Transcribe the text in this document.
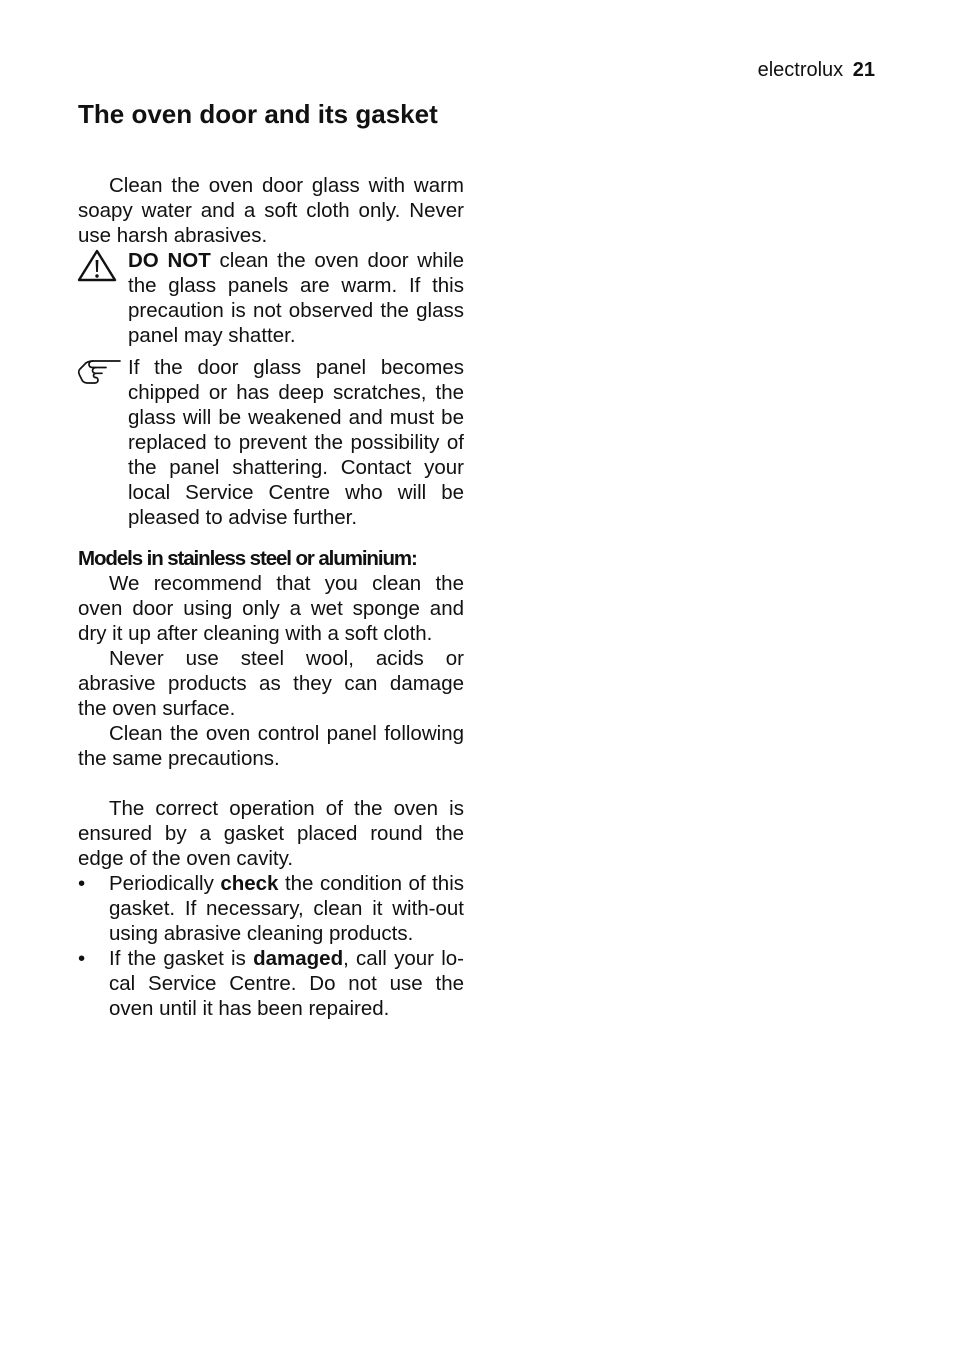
electrolux 21
The oven door and its gasket

Clean the oven door glass with warm soapy water and a soft cloth only. Never use harsh abrasives.

DO NOT clean the oven door while the glass panels are warm. If this precaution is not observed the glass panel may shatter.

If the door glass panel becomes chipped or has deep scratches, the glass will be weakened and must be replaced to prevent the possibility of the panel shattering. Contact your local Service Centre who will be pleased to advise further.

Models in stainless steel or aluminium:

We recommend that you clean the oven door using only a wet sponge and dry it up after cleaning with a soft cloth.

Never use steel wool, acids or abrasive products as they can damage the oven surface.

Clean the oven control panel following the same precautions.

The correct operation of the oven is ensured by a gasket placed round the edge of the oven cavity.

• Periodically check the condition of this gasket. If necessary, clean it with-out using abrasive cleaning products.
• If the gasket is damaged, call your lo-cal Service Centre. Do not use the oven until it has been repaired.
